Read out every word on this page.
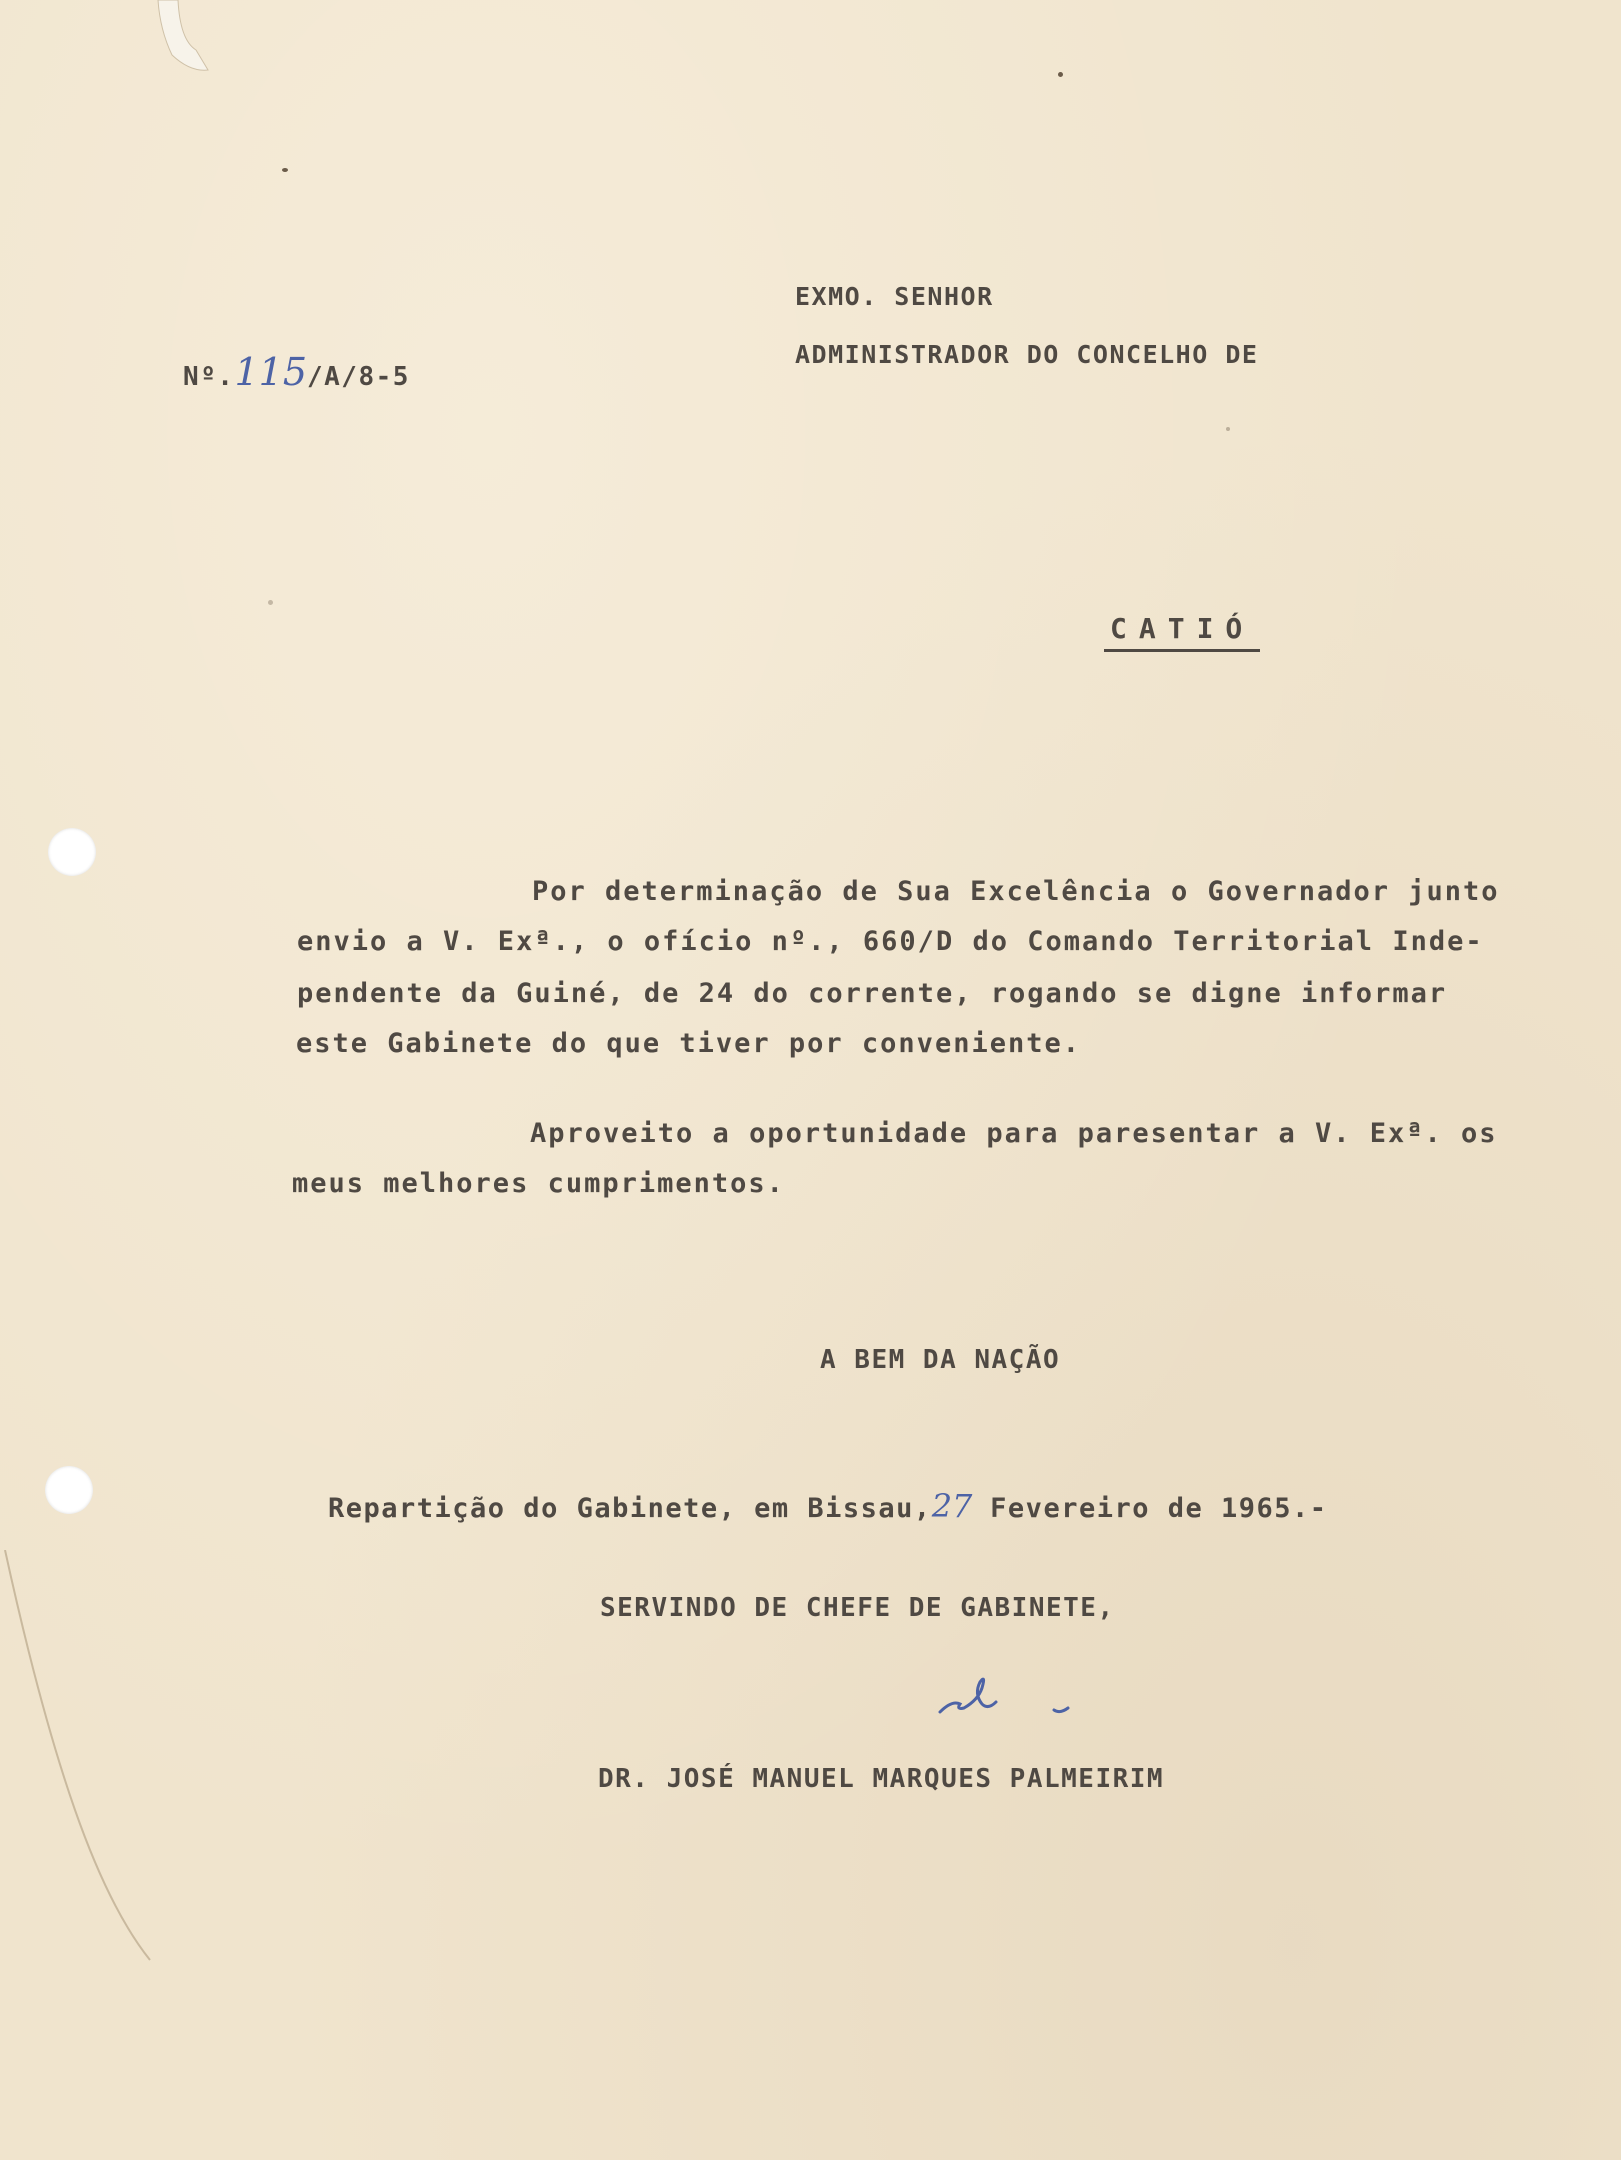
EXMO. SENHOR
ADMINISTRADOR DO CONCELHO DE
Nº.115/A/8-5
CATIÓ
Por determinação de Sua Excelência o Governador junto
envio a V. Exª., o ofício nº., 660/D do Comando Territorial Inde-
pendente da Guiné, de 24 do corrente, rogando se digne informar
este Gabinete do que tiver por conveniente.
Aproveito a oportunidade para paresentar a V. Exª. os
meus melhores cumprimentos.
A BEM DA NAÇÃO
Repartição do Gabinete, em Bissau,27 Fevereiro de 1965.-
SERVINDO DE CHEFE DE GABINETE,
DR. JOSÉ MANUEL MARQUES PALMEIRIM
